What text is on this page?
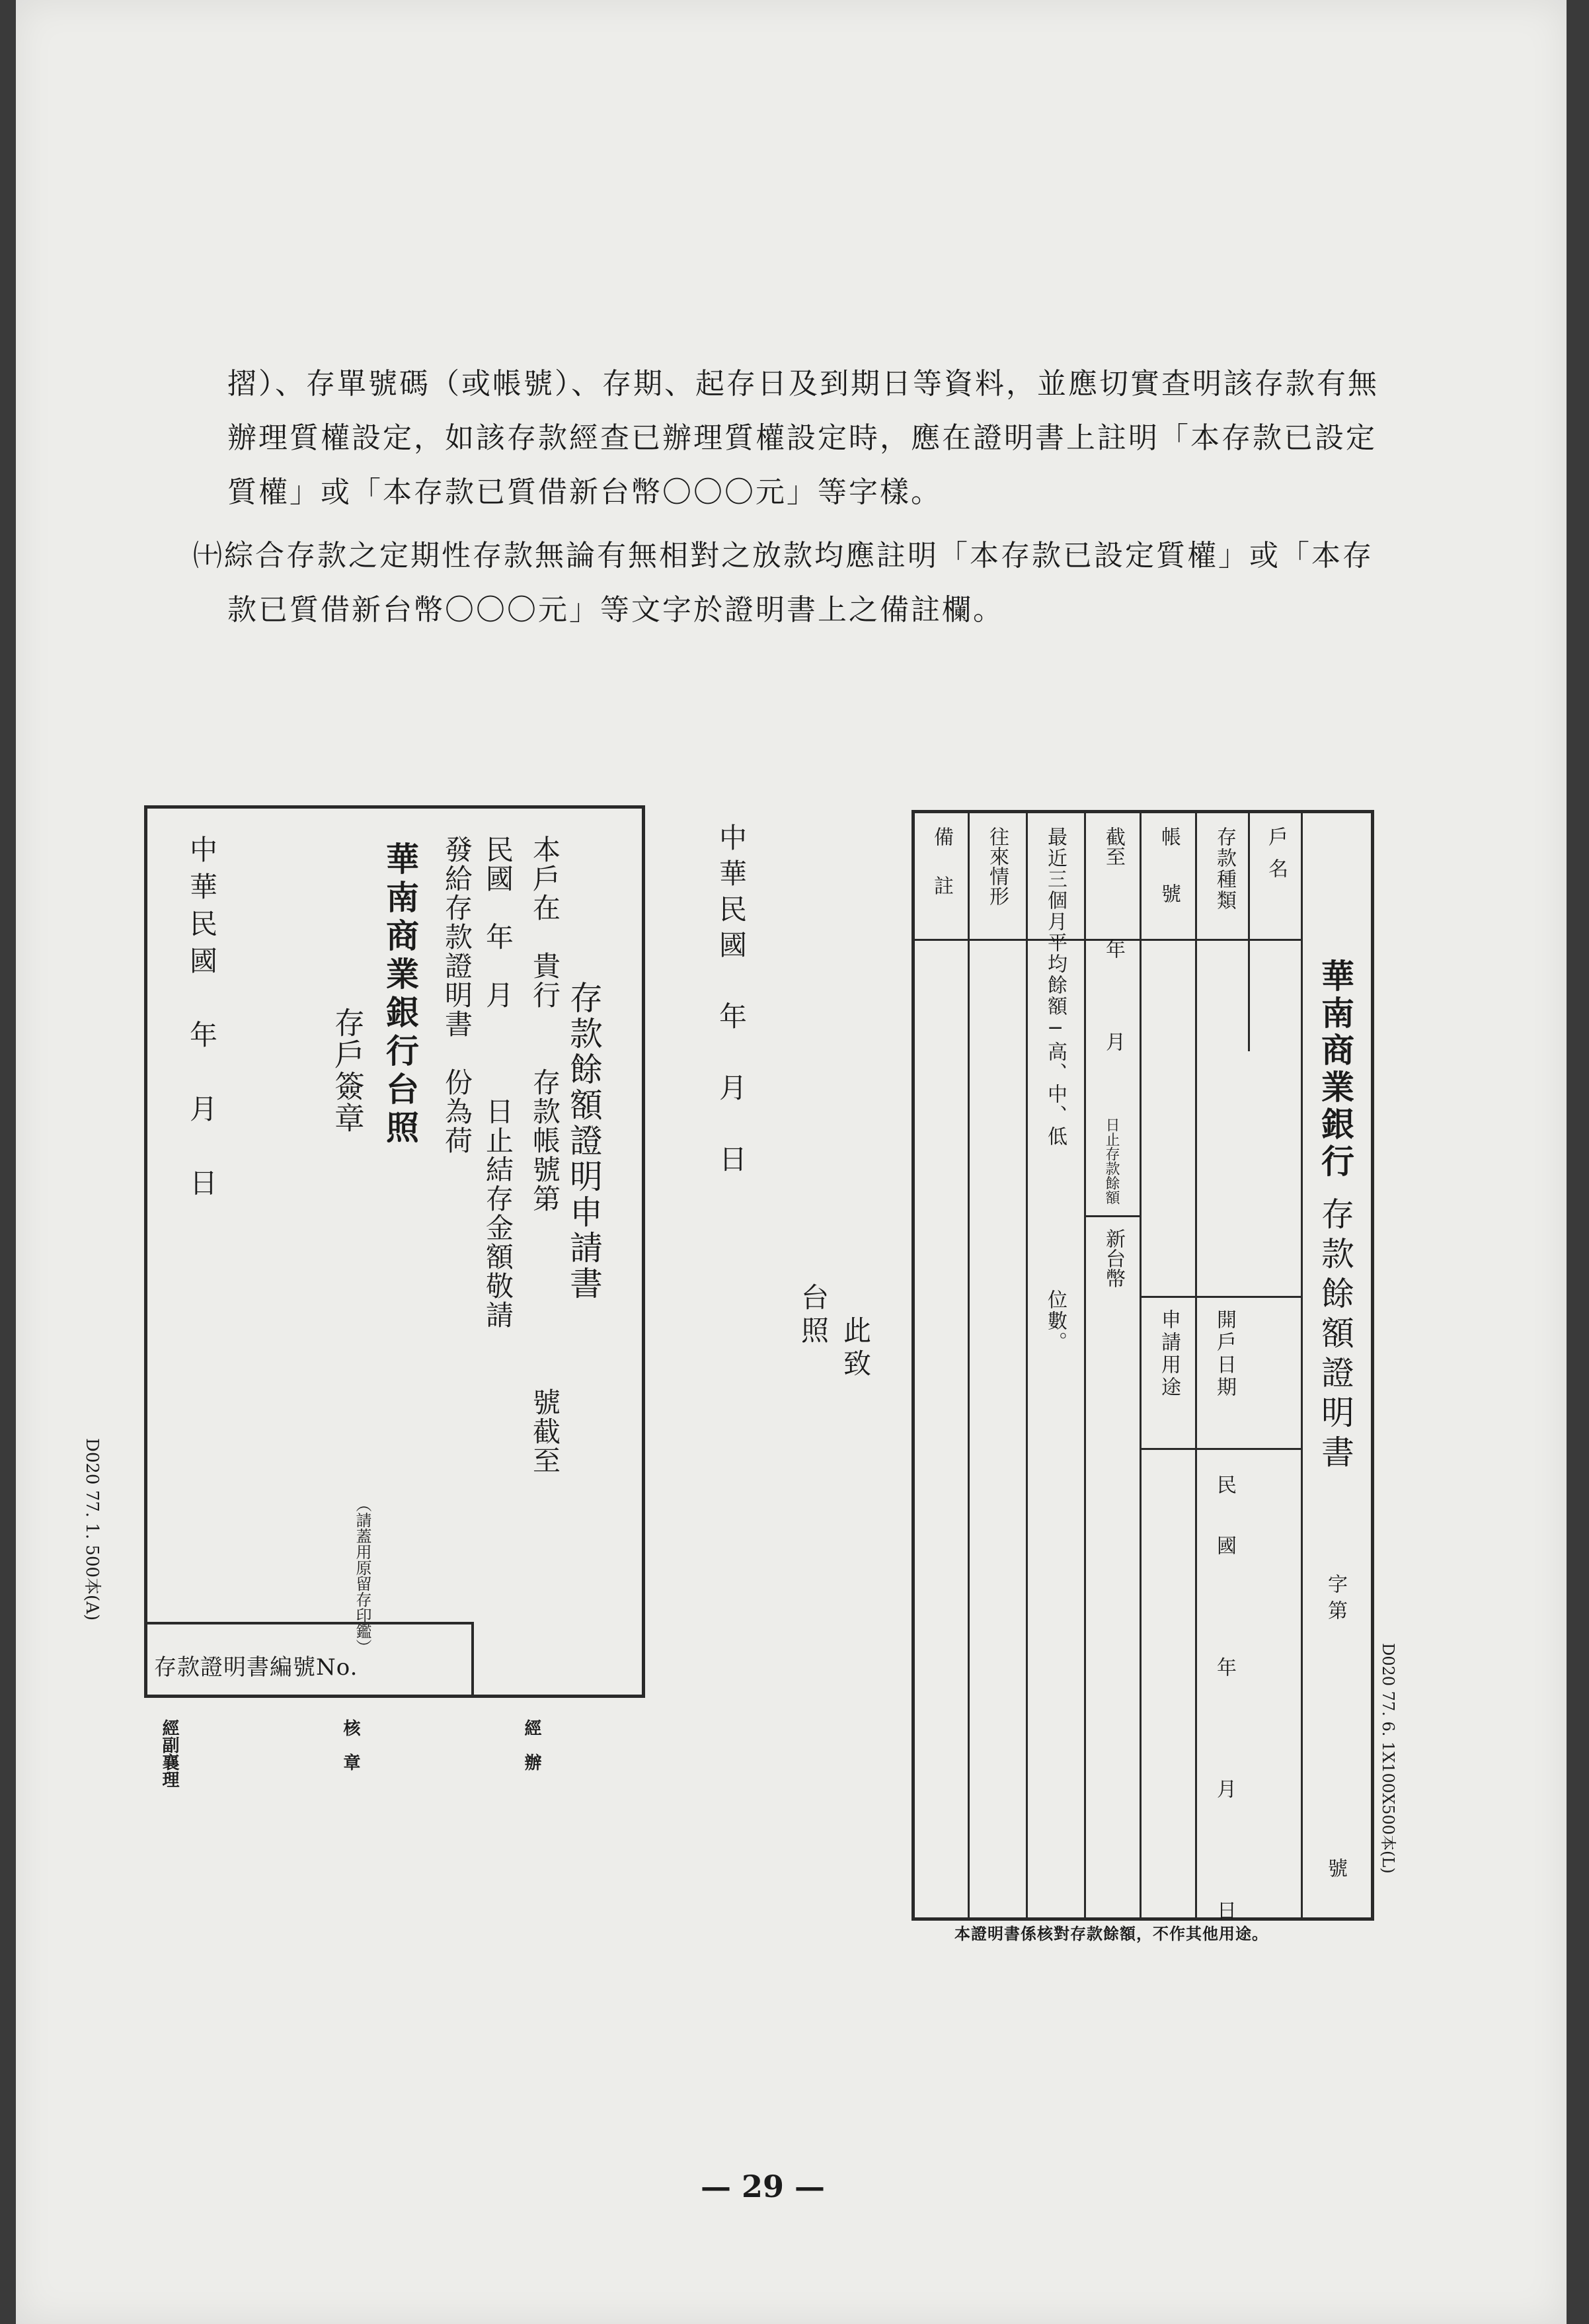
摺）、存單號碼（或帳號）、存期、起存日及到期日等資料，並應切實查明該存款有無

辦理質權設定，如該存款經查已辦理質權設定時，應在證明書上註明「本存款已設定

質權」或「本存款已質借新台幣〇〇〇元」等字樣。

㈩綜合存款之定期性存款無論有無相對之放款均應註明「本存款已設定質權」或「本存

款已質借新台幣〇〇〇元」等文字於證明書上之備註欄。

存款餘額證明申請書
本戶在　貴行　　存款帳號第　　　　　　號截至
民國　年　月　　　日止結存金額敬請
發給存款證明書　份為荷
華南商業銀行台照
存戶簽章
（請蓋用原留存印鑑）
中華民國　年　月　日
存款證明書編號No.
D020 77. 1. 500本(A)
經副襄理	核章	經辦
中華民國　年　月　日
此致
台照
華南商業銀行
存款餘額證明書
字第
號
戶名
存款種類
帳號
截至
年
月
日止存款餘額
新台幣
最近三個月平均餘額─高、中、低
位數。
往來情形
備註
開戶日期
民國　年　月　日
申請用途
D020 77. 6. 1X100X500本(L)
本證明書係核對存款餘額，不作其他用途。
— 29 —
